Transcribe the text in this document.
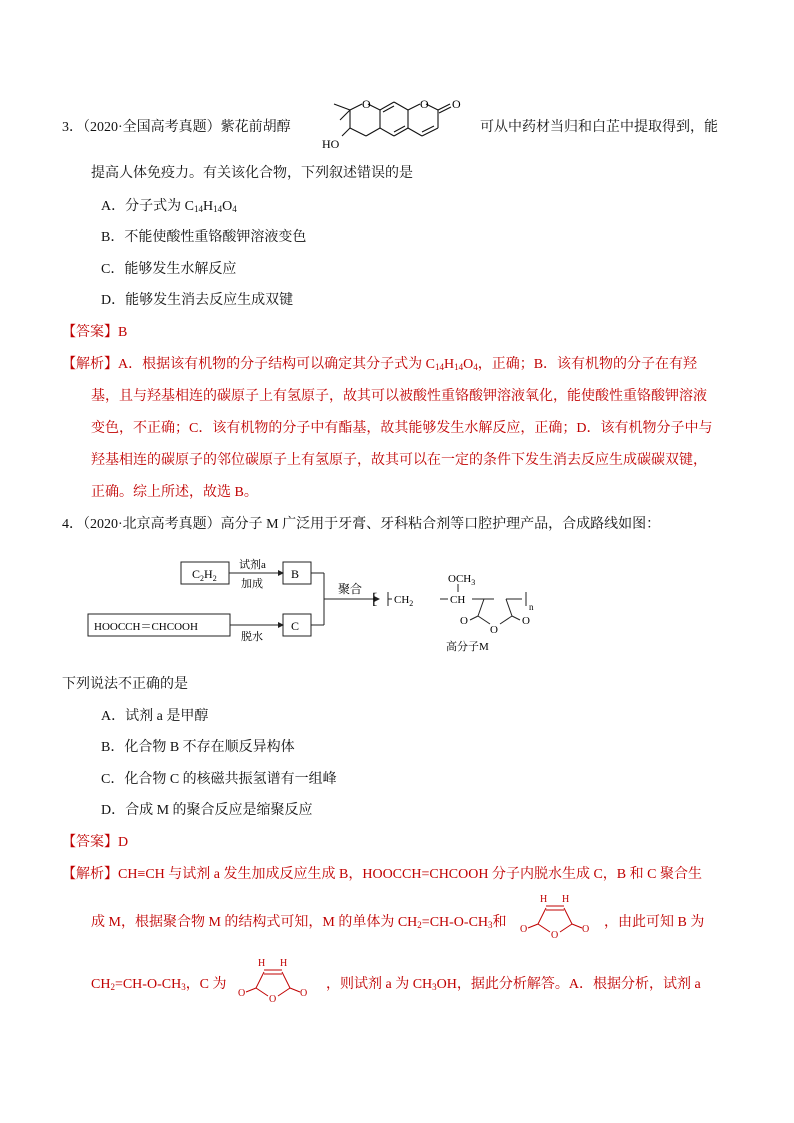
3．（2020·全国高考真题）紫花前胡醇
O	O O
HO
可从中药材当归和白芷中提取得到，能
提高人体免疫力。有关该化合物，下列叙述错误的是
A．分子式为 $C_{14}H_{14}O_4$
B．不能使酸性重铬酸钾溶液变色
C．能够发生水解反应
D．能够发生消去反应生成双键
【答案】B
【解析】A．根据该有机物的分子结构可以确定其分子式为 $C_{14}H_{14}O_4$，正确；B．该有机物的分子在有羟
基，且与羟基相连的碳原子上有氢原子，故其可以被酸性重铬酸钾溶液氧化，能使酸性重铬酸钾溶液
变色，不正确；C．该有机物的分子中有酯基，故其能够发生水解反应，正确；D．该有机物分子中与
羟基相连的碳原子的邻位碳原子上有氢原子，故其可以在一定的条件下发生消去反应生成碳碳双键，
正确。综上所述，故选 B。
4．（2020·北京高考真题）高分子 M 广泛用于牙膏、牙科粘合剂等口腔护理产品，合成路线如图：
$C_2H_2$
试剂a
加成
B
HOOCCH＝CHCOOH
脱水
C
聚合
[ $CH_2$	CH
$OCH_3$
O
O	O
n
高分子M
下列说法不正确的是
A．试剂 a 是甲醇
B．化合物 B 不存在顺反异构体
C．化合物 C 的核磁共振氢谱有一组峰
D．合成 M 的聚合反应是缩聚反应
【答案】D
【解析】CH≡CH 与试剂 a 发生加成反应生成 B，HOOCCH=CHCOOH 分子内脱水生成 C，B 和 C 聚合生
成 M，根据聚合物 M 的结构式可知，M 的单体为 $CH_2=CH-O-CH_3$和
H H
O
O	O ，由此可知 B 为
$CH_2=CH-O-CH_3$，C 为
H H
O
O	O
，则试剂 a 为 $CH_3OH$，据此分析解答。A．根据分析，试剂 a
